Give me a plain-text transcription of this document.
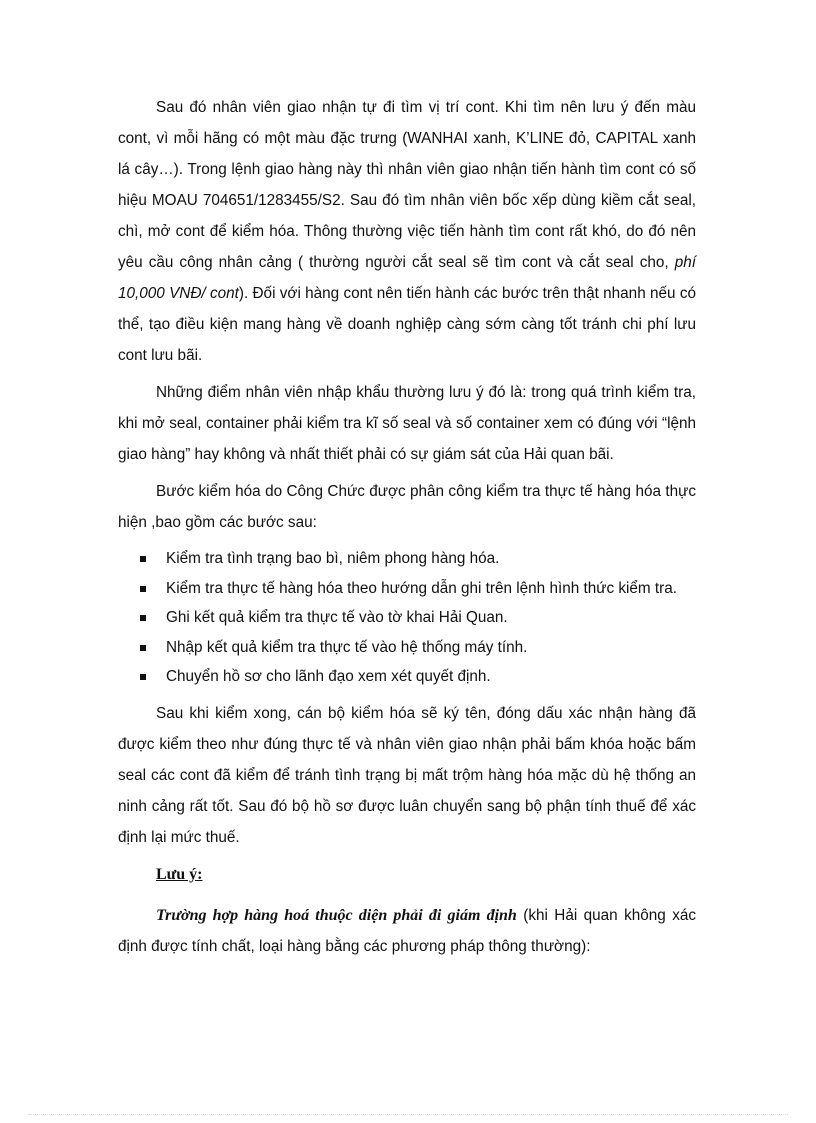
Sau đó nhân viên giao nhận tự đi tìm vị trí cont. Khi tìm nên lưu ý đến màu cont, vì mỗi hãng có một màu đặc trưng (WANHAI xanh, K’LINE đỏ, CAPITAL xanh lá cây…). Trong lệnh giao hàng này thì nhân viên giao nhận tiến hành tìm cont có số hiệu MOAU 704651/1283455/S2. Sau đó tìm nhân viên bốc xếp dùng kiềm cắt seal, chì, mở cont để kiểm hóa. Thông thường việc tiến hành tìm cont rất khó, do đó nên yêu cầu công nhân cảng ( thường người cắt seal sẽ tìm cont và cắt seal cho, phí 10,000 VNĐ/ cont). Đối với hàng cont nên tiến hành các bước trên thật nhanh nếu có thể, tạo điều kiện mang hàng về doanh nghiệp càng sớm càng tốt tránh chi phí lưu cont lưu bãi.

Những điểm nhân viên nhập khẩu thường lưu ý đó là: trong quá trình kiểm tra, khi mở seal, container phải kiểm tra kĩ số seal và số container xem có đúng với “lệnh giao hàng” hay không và nhất thiết phải có sự giám sát của Hải quan bãi.

Bước kiểm hóa do Công Chức được phân công kiểm tra thực tế hàng hóa thực hiện ,bao gồm các bước sau:

Kiểm tra tình trạng bao bì, niêm phong hàng hóa.
Kiểm tra thực tế hàng hóa theo hướng dẫn ghi trên lệnh hình thức kiểm tra.
Ghi kết quả kiểm tra thực tế vào tờ khai Hải Quan.
Nhập kết quả kiểm tra thực tế vào hệ thống máy tính.
Chuyển hồ sơ cho lãnh đạo xem xét quyết định.

Sau khi kiểm xong, cán bộ kiểm hóa sẽ ký tên, đóng dấu xác nhận hàng đã được kiểm theo như đúng thực tế và nhân viên giao nhận phải bấm khóa hoặc bấm seal các cont đã kiểm để tránh tình trạng bị mất trộm hàng hóa mặc dù hệ thống an ninh cảng rất tốt. Sau đó bộ hồ sơ được luân chuyển sang bộ phận tính thuế để xác định lại mức thuế.

Lưu ý:

Trường hợp hàng hoá thuộc diện phải đi giám định (khi Hải quan không xác định được tính chất, loại hàng bằng các phương pháp thông thường):
